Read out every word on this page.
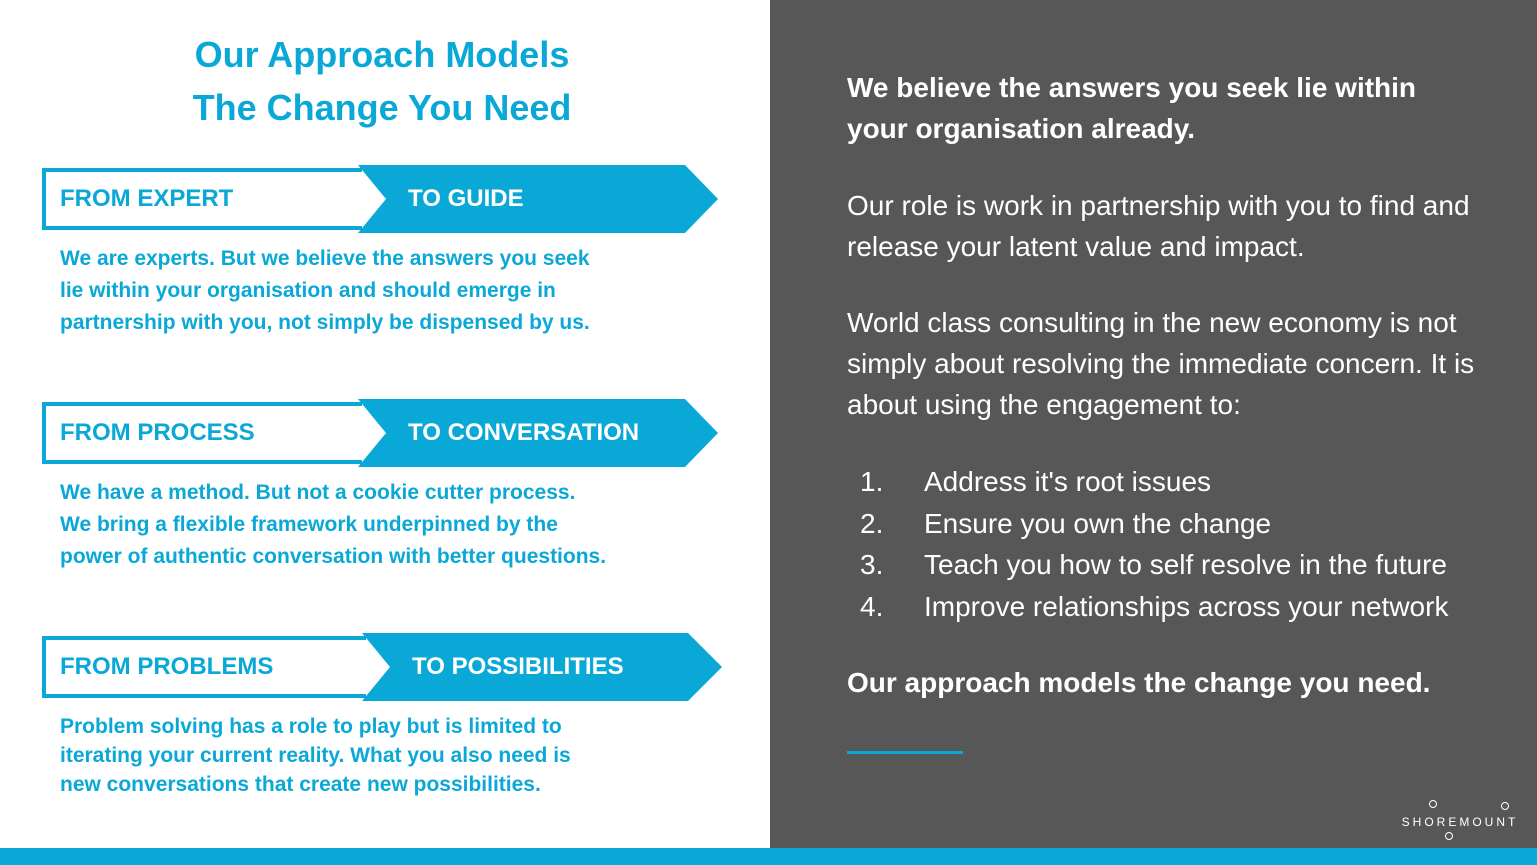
Our Approach Models
The Change You Need
FROM EXPERT	TO GUIDE

We are experts. But we believe the answers you seek
lie within your organisation and should emerge in
partnership with you, not simply be dispensed by us.

FROM PROCESS	TO CONVERSATION

We have a method. But not a cookie cutter process.
We bring a flexible framework underpinned by the
power of authentic conversation with better questions.

FROM PROBLEMS	TO POSSIBILITIES

Problem solving has a role to play but is limited to
iterating your current reality. What you also need is
new conversations that create new possibilities.

We believe the answers you seek lie within
your organisation already.

Our role is work in partnership with you to find and
release your latent value and impact.

World class consulting in the new economy is not
simply about resolving the immediate concern. It is
about using the engagement to:

1. Address it's root issues
2. Ensure you own the change
3. Teach you how to self resolve in the future
4. Improve relationships across your network

Our approach models the change you need.

SHOREMOUNT
